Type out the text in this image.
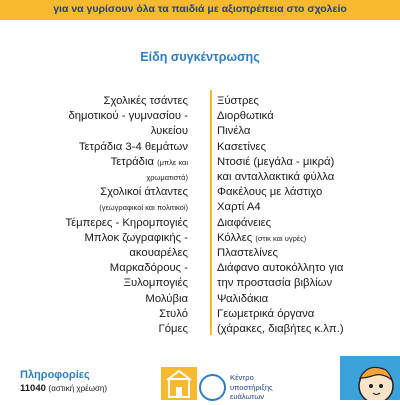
για να γυρίσουν όλα τα παιδιά με αξιοπρέπεια στο σχολείο
Είδη συγκέντρωσης
Σχολικές τσάντες
δημοτικού - γυμνασίου -
λυκείου
Τετράδια 3-4 θεμάτων
Τετράδια (μπλε και
χρωματιστά)
Σχολικοί άτλαντες
(γεωγραφικοί και πολιτικοί)
Τέμπερες - Κηρομπογιές
Μπλοκ ζωγραφικής -
ακουαρέλες
Μαρκαδόρους -
Ξυλομπογιές
Μολύβια
Στυλό
Γόμες
Ξύστρες
Διορθωτικά
Πινέλα
Κασετίνες
Ντοσιέ (μεγάλα - μικρά)
και ανταλλακτικά φύλλα
Φακέλους με λάστιχο
Χαρτί Α4
Διαφάνειες
Κόλλες (στικ και υγρές)
Πλαστελίνες
Διάφανο αυτοκόλλητο για
την προστασία βιβλίων
Ψαλιδάκια
Γεωμετρικά όργανα
(χάρακες, διαβήτες κ.λπ.)
Πληροφορίες
11040 (αστική χρέωση)
Κέντρο υποστήριξης ευάλωτων
